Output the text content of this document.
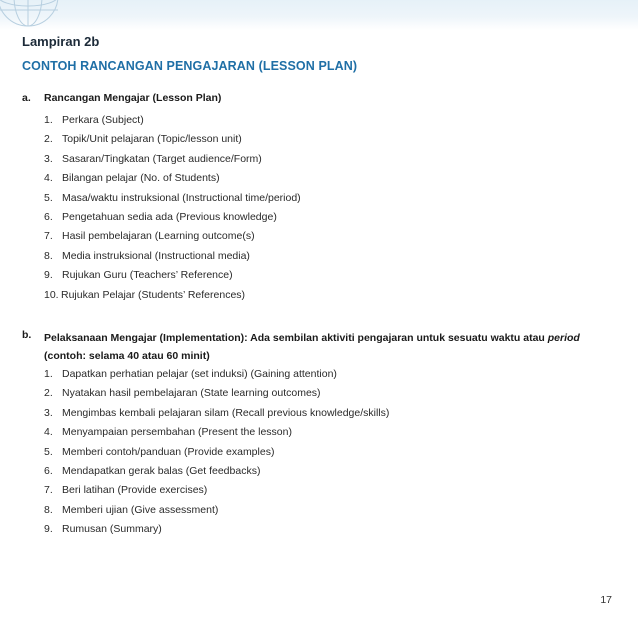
Lampiran 2b
CONTOH RANCANGAN PENGAJARAN (LESSON PLAN)
a. Rancangan Mengajar (Lesson Plan)
1. Perkara (Subject)
2. Topik/Unit pelajaran (Topic/lesson unit)
3. Sasaran/Tingkatan (Target audience/Form)
4. Bilangan pelajar (No. of Students)
5. Masa/waktu instruksional (Instructional time/period)
6. Pengetahuan sedia ada (Previous knowledge)
7. Hasil pembelajaran (Learning outcome(s)
8. Media instruksional (Instructional media)
9. Rujukan Guru (Teachers’ Reference)
10. Rujukan Pelajar (Students’ References)
b. Pelaksanaan Mengajar (Implementation): Ada sembilan aktiviti pengajaran untuk sesuatu waktu atau period
(contoh: selama 40 atau 60 minit)
1. Dapatkan perhatian pelajar (set induksi) (Gaining attention)
2. Nyatakan hasil pembelajaran (State learning outcomes)
3. Mengimbas kembali pelajaran silam (Recall previous knowledge/skills)
4. Menyampaian persembahan (Present the lesson)
5. Memberi contoh/panduan (Provide examples)
6. Mendapatkan gerak balas (Get feedbacks)
7. Beri latihan (Provide exercises)
8. Memberi ujian (Give assessment)
9. Rumusan (Summary)
17
